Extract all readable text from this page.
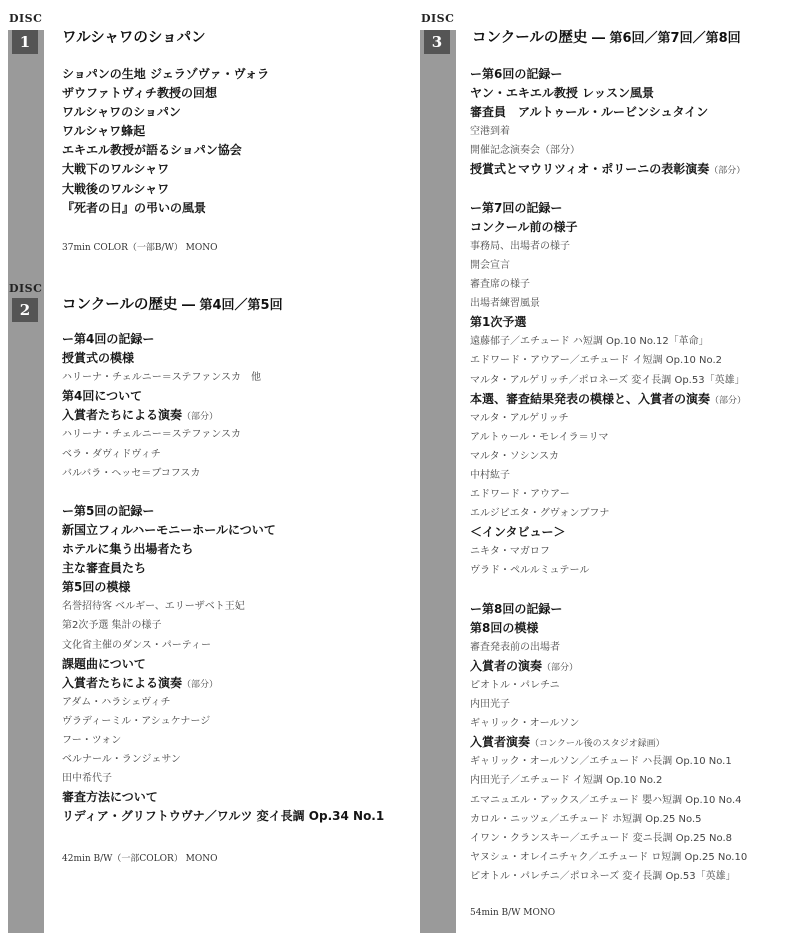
DISC
1	ワルシャワのショパン
ショパンの生地 ジェラゾヴァ・ヴォラ
ザウファトヴィチ教授の回想
ワルシャワのショパン
ワルシャワ蜂起
エキエル教授が語るショパン協会
大戦下のワルシャワ
大戦後のワルシャワ
『死者の日』の弔いの風景
37min COLOR（一部B/W） MONO
DISC
2	コンクールの歴史 ― 第4回／第5回
ー第4回の記録ー
授賞式の模様
ハリーナ・チェルニー＝ステファンスカ　他
第4回について
入賞者たちによる演奏（部分）
ハリーナ・チェルニー＝ステファンスカ
ベラ・ダヴィドヴィチ
バルバラ・ヘッセ＝ブコフスカ
ー第5回の記録ー
新国立フィルハーモニーホールについて
ホテルに集う出場者たち
主な審査員たち
第5回の模様
名誉招待客 ベルギー、エリーザベト王妃
第2次予選 集計の様子
文化省主催のダンス・パーティー
課題曲について
入賞者たちによる演奏（部分）
アダム・ハラシェヴィチ
ヴラディーミル・アシュケナージ
フー・ツォン
ベルナール・ランジェサン
田中希代子
審査方法について
リディア・グリフトウヴナ／ワルツ 変イ長調 Op.34 No.1
42min B/W（一部COLOR） MONO
DISC
3	コンクールの歴史 ― 第6回／第7回／第8回
ー第6回の記録ー
ヤン・エキエル教授 レッスン風景
審査員　アルトゥール・ルービンシュタイン
空港到着
開催記念演奏会（部分）
授賞式とマウリツィオ・ポリーニの表彰演奏（部分）
ー第7回の記録ー
コンクール前の様子
事務局、出場者の様子
開会宣言
審査席の様子
出場者練習風景
第1次予選
遠藤郁子／エチュード ハ短調 Op.10 No.12「革命」
エドワード・アウアー／エチュード イ短調 Op.10 No.2
マルタ・アルゲリッチ／ポロネーズ 変イ長調 Op.53「英雄」
本選、審査結果発表の模様と、入賞者の演奏（部分）
マルタ・アルゲリッチ
アルトゥール・モレイラ＝リマ
マルタ・ソシンスカ
中村紘子
エドワード・アウアー
エルジビエタ・グヴォンブフナ
＜インタビュー＞
ニキタ・マガロフ
ヴラド・ペルルミュテール
ー第8回の記録ー
第8回の模様
審査発表前の出場者
入賞者の演奏（部分）
ピオトル・パレチニ
内田光子
ギャリック・オールソン
入賞者演奏（コンクール後のスタジオ録画）
ギャリック・オールソン／エチュード ハ長調 Op.10 No.1
内田光子／エチュード イ短調 Op.10 No.2
エマニュエル・アックス／エチュード 嬰ハ短調 Op.10 No.4
カロル・ニッツェ／エチュード ホ短調 Op.25 No.5
イワン・クランスキー／エチュード 変ニ長調 Op.25 No.8
ヤヌシュ・オレイニチャク／エチュード ロ短調 Op.25 No.10
ピオトル・パレチニ／ポロネーズ 変イ長調 Op.53「英雄」
54min B/W MONO
